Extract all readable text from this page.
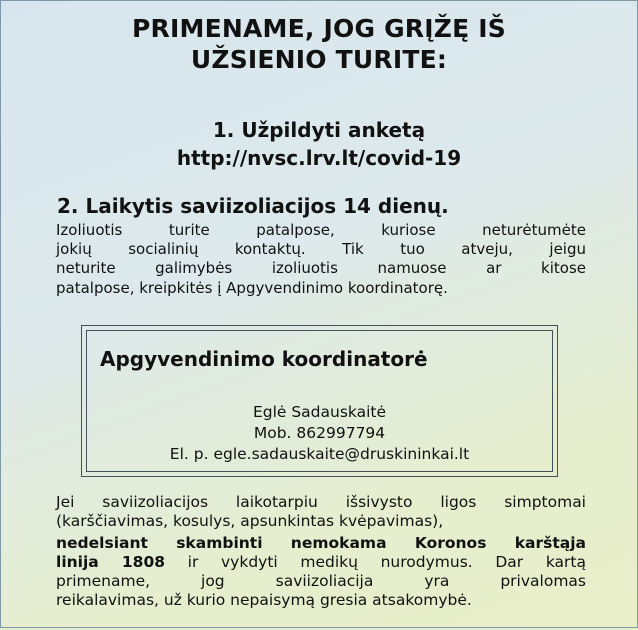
PRIMENAME, JOG GRĮŽĘ IŠ
UŽSIENIO TURITE:
1. Užpildyti anketą
http://nvsc.lrv.lt/covid-19
2. Laikytis saviizoliacijos 14 dienų.
Izoliuotis turite patalpose, kuriose neturėtumėte
jokių socialinių kontaktų. Tik tuo atveju, jeigu
neturite galimybės izoliuotis namuose ar kitose
patalpose, kreipkitės į Apgyvendinimo koordinatorę.
Apgyvendinimo koordinatorė
Eglė Sadauskaitė
Mob. 862997794
El. p. egle.sadauskaite@druskininkai.lt
Jei saviizoliacijos laikotarpiu išsivysto ligos simptomai
(karščiavimas, kosulys, apsunkintas kvėpavimas),
nedelsiant skambinti nemokama Koronos karštąja
linija 1808 ir vykdyti medikų nurodymus. Dar kartą
primename, jog saviizoliacija yra privalomas
reikalavimas, už kurio nepaisymą gresia atsakomybė.
